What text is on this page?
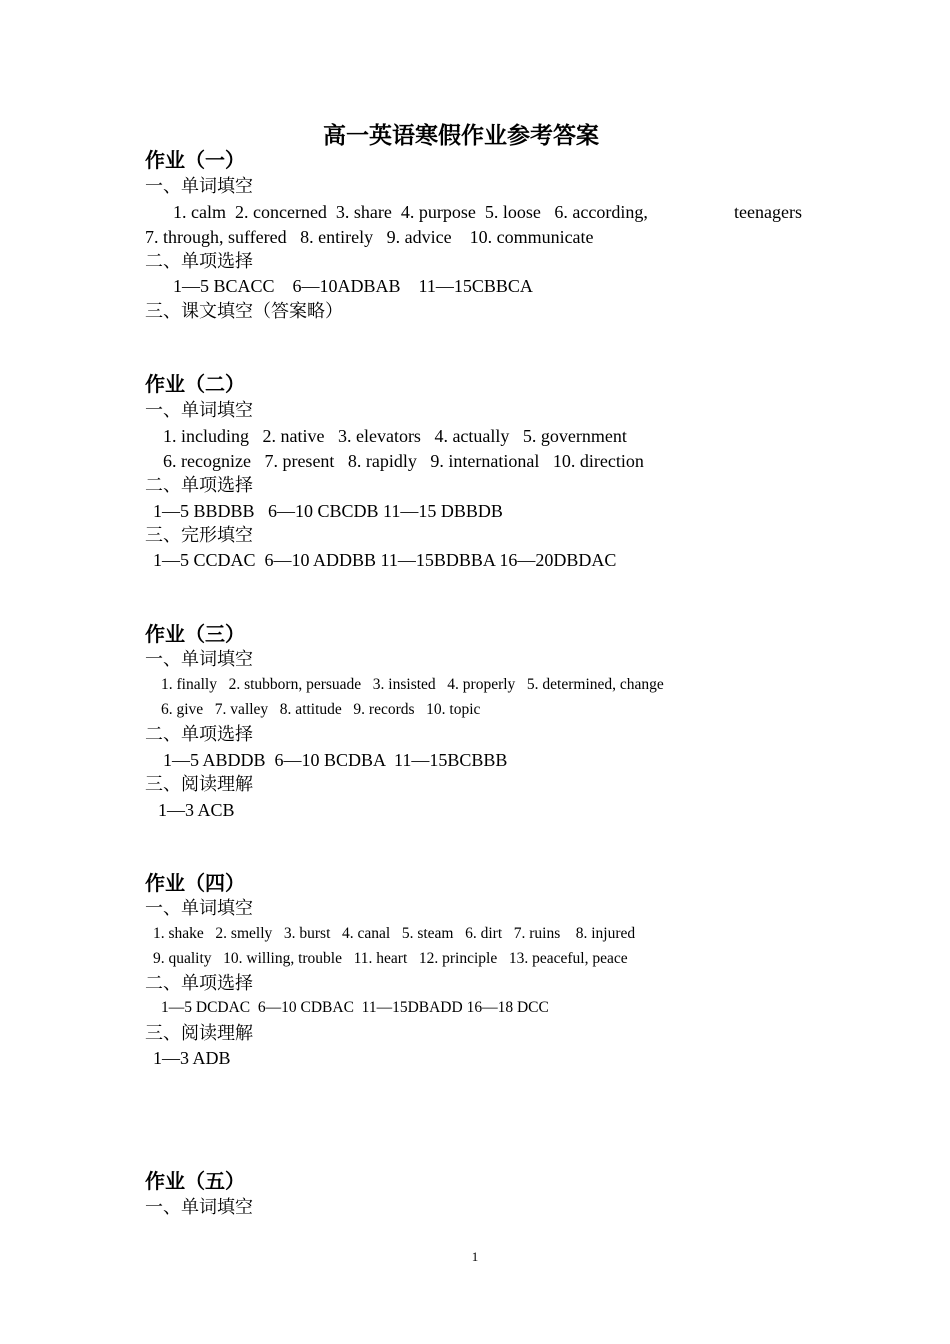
高一英语寒假作业参考答案
作业（一）
一、单词填空
1. calm  2. concerned  3. share  4. purpose  5. loose   6. according,	teenagers
7. through, suffered   8. entirely   9. advice    10. communicate
二、单项选择
1—5 BCACC    6—10ADBAB    11—15CBBCA
三、课文填空（答案略）
作业（二）
一、单词填空
1. including   2. native   3. elevators   4. actually   5. government
6. recognize   7. present   8. rapidly   9. international   10. direction
二、单项选择
1—5 BBDBB   6—10 CBCDB 11—15 DBBDB
三、完形填空
1—5 CCDAC  6—10 ADDBB 11—15BDBBA 16—20DBDAC
作业（三）
一、单词填空
1. finally   2. stubborn, persuade   3. insisted   4. properly   5. determined, change
6. give   7. valley   8. attitude   9. records   10. topic
二、单项选择
1—5 ABDDB  6—10 BCDBA  11—15BCBBB
三、阅读理解
1—3 ACB
作业（四）
一、单词填空
1. shake   2. smelly   3. burst   4. canal   5. steam   6. dirt   7. ruins    8. injured
9. quality   10. willing, trouble   11. heart   12. principle   13. peaceful, peace
二、单项选择
1—5 DCDAC  6—10 CDBAC  11—15DBADD 16—18 DCC
三、阅读理解
1—3 ADB
作业（五）
一、单词填空
1
